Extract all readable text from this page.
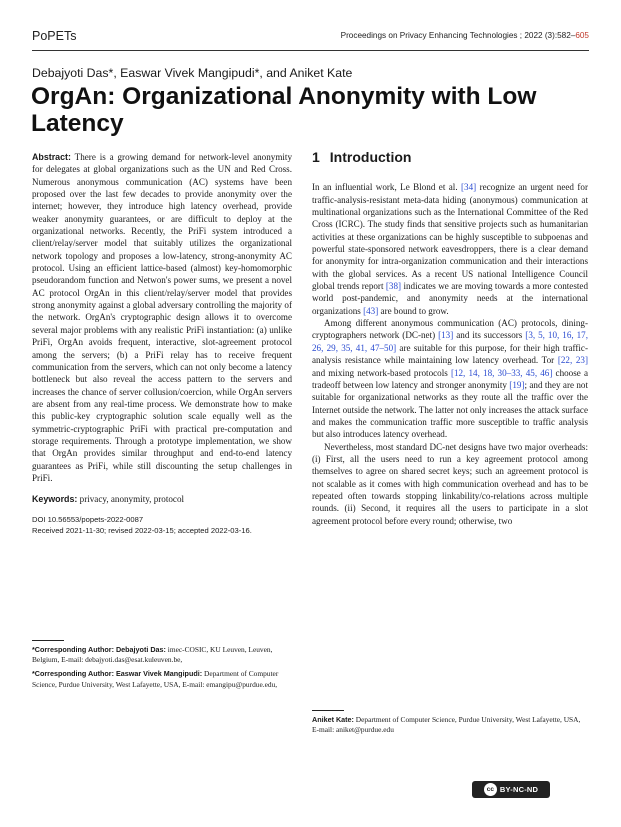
PoPETs	Proceedings on Privacy Enhancing Technologies ; 2022 (3):582–605
Debajyoti Das*, Easwar Vivek Mangipudi*, and Aniket Kate
OrgAn: Organizational Anonymity with Low Latency

Abstract: There is a growing demand for network-level anonymity for delegates at global organizations such as the UN and Red Cross. Numerous anonymous communication (AC) systems have been proposed over the last few decades to provide anonymity over the internet; however, they introduce high latency overhead, provide weaker anonymity guarantees, or are difficult to deploy at the organizational networks. Recently, the PriFi system introduced a client/relay/server model that suitably utilizes the organizational network topology and proposes a low-latency, strong-anonymity AC protocol. Using an efficient lattice-based (almost) key-homomorphic pseudorandom function and Netwon's power sums, we present a novel AC protocol OrgAn in this client/relay/server model that provides strong anonymity against a global adversary controlling the majority of the network. OrgAn's cryptographic design allows it to overcome several major problems with any realistic PriFi instantiation: (a) unlike PriFi, OrgAn avoids frequent, interactive, slot-agreement protocol among the servers; (b) a PriFi relay has to receive frequent communication from the servers, which can not only become a latency bottleneck but also reveal the access pattern to the servers and increases the chance of server collusion/coercion, while OrgAn servers are absent from any real-time process. We demonstrate how to make this public-key cryptographic solution scale equally well as the symmetric-cryptographic PriFi with practical pre-computation and storage requirements. Through a prototype implementation, we show that OrgAn provides similar throughput and end-to-end latency guarantees as PriFi, while still discounting the setup challenges in PriFi.

Keywords: privacy, anonymity, protocol

DOI 10.56553/popets-2022-0087

Received 2021-11-30; revised 2022-03-15; accepted 2022-03-16.

*Corresponding Author: Debajyoti Das: imec-COSIC, KU Leuven, Leuven, Belgium, E-mail: debajyoti.das@esat.kuleuven.be,

*Corresponding Author: Easwar Vivek Mangipudi: Department of Computer Science, Purdue University, West Lafayette, USA, E-mail: emangipu@purdue.edu,

1 Introduction

In an influential work, Le Blond et al. [34] recognize an urgent need for traffic-analysis-resistant meta-data hiding (anonymous) communication at multinational organizations such as the International Committee of the Red Cross (ICRC). The study finds that sensitive projects such as humanitarian activities at these organizations can be highly susceptible to subpoenas and powerful state-sponsored network eavesdroppers, there is a clear demand for anonymity for intra-organization communication and their interactions with the global services. As a recent US national Intelligence Council global trends report [38] indicates we are moving towards a more contested world post-pandemic, and anonymity needs at the international organizations [43] are bound to grow.

Among different anonymous communication (AC) protocols, dining-cryptographers network (DC-net) [13] and its successors [3, 5, 10, 16, 17, 26, 29, 35, 41, 47–50] are suitable for this purpose, for their high traffic-analysis resistance while maintaining low latency overhead. Tor [22, 23] and mixing network-based protocols [12, 14, 18, 30–33, 45, 46] choose a tradeoff between low latency and stronger anonymity [19]; and they are not suitable for organizational networks as they route all the traffic over the Internet outside the network. The latter not only increases the attack surface and makes the communication traffic more susceptible to traffic analysis but also introduces latency overhead.

Nevertheless, most standard DC-net designs have two major overheads: (i) First, all the users need to run a key agreement protocol among themselves to agree on shared secret keys; such an agreement protocol is not scalable as it comes with high communication overhead and has to be repeated often towards stopping linkability/co-relations across multiple rounds. (ii) Second, it requires all the users to participate in a slot agreement protocol before every round; otherwise, two

Aniket Kate: Department of Computer Science, Purdue University, West Lafayette, USA, E-mail: aniket@purdue.edu

cc BY-NC-ND
